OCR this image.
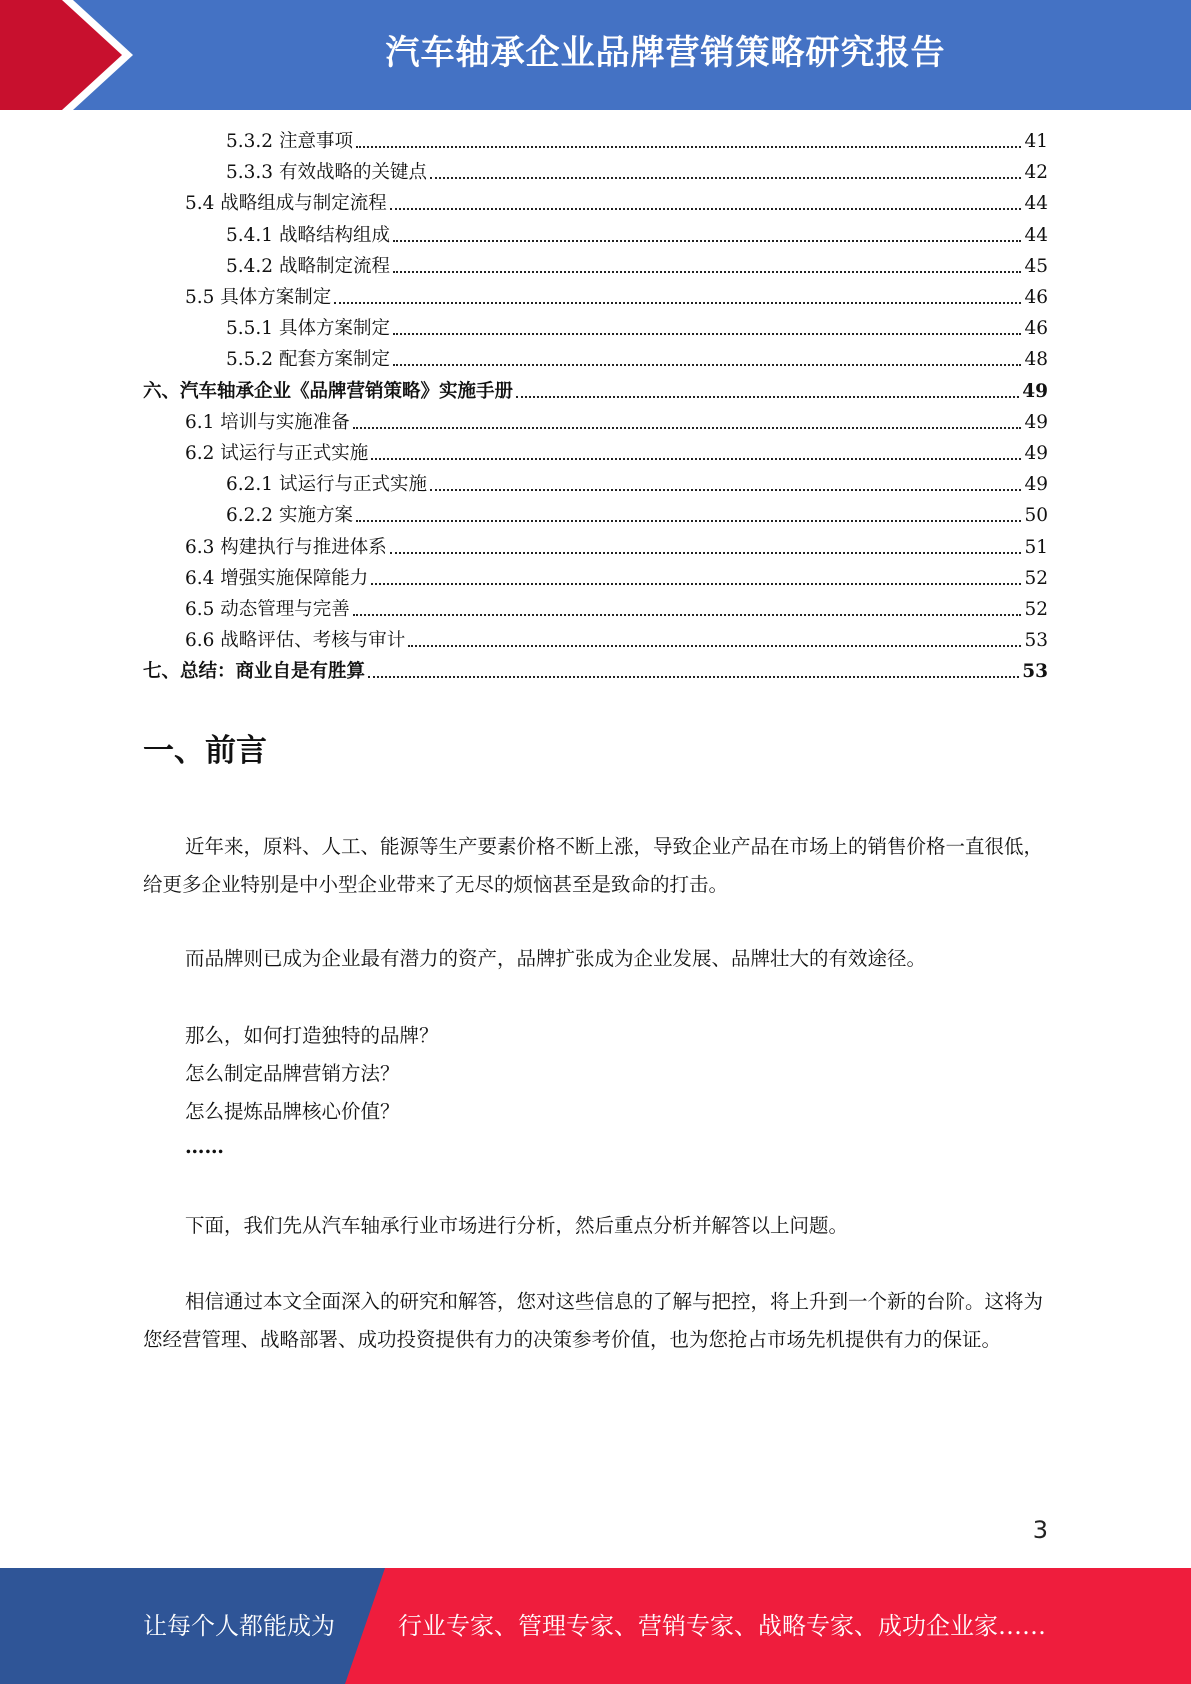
汽车轴承企业品牌营销策略研究报告
5.3.2 注意事项	41
5.3.3 有效战略的关键点	42
5.4 战略组成与制定流程	44
5.4.1 战略结构组成	44
5.4.2 战略制定流程	45
5.5 具体方案制定	46
5.5.1 具体方案制定	46
5.5.2 配套方案制定	48
六、汽车轴承企业《品牌营销策略》实施手册	49
6.1 培训与实施准备	49
6.2 试运行与正式实施	49
6.2.1 试运行与正式实施	49
6.2.2 实施方案	50
6.3 构建执行与推进体系	51
6.4 增强实施保障能力	52
6.5 动态管理与完善	52
6.6 战略评估、考核与审计	53
七、总结：商业自是有胜算	53
一、前言

近年来，原料、人工、能源等生产要素价格不断上涨，导致企业产品在市场上的销售价格一直很低，给更多企业特别是中小型企业带来了无尽的烦恼甚至是致命的打击。

而品牌则已成为企业最有潜力的资产，品牌扩张成为企业发展、品牌壮大的有效途径。

那么，如何打造独特的品牌？

怎么制定品牌营销方法？

怎么提炼品牌核心价值？

……

下面，我们先从汽车轴承行业市场进行分析，然后重点分析并解答以上问题。

相信通过本文全面深入的研究和解答，您对这些信息的了解与把控，将上升到一个新的台阶。这将为您经营管理、战略部署、成功投资提供有力的决策参考价值，也为您抢占市场先机提供有力的保证。

3
让每个人都能成为	行业专家、管理专家、营销专家、战略专家、成功企业家……
